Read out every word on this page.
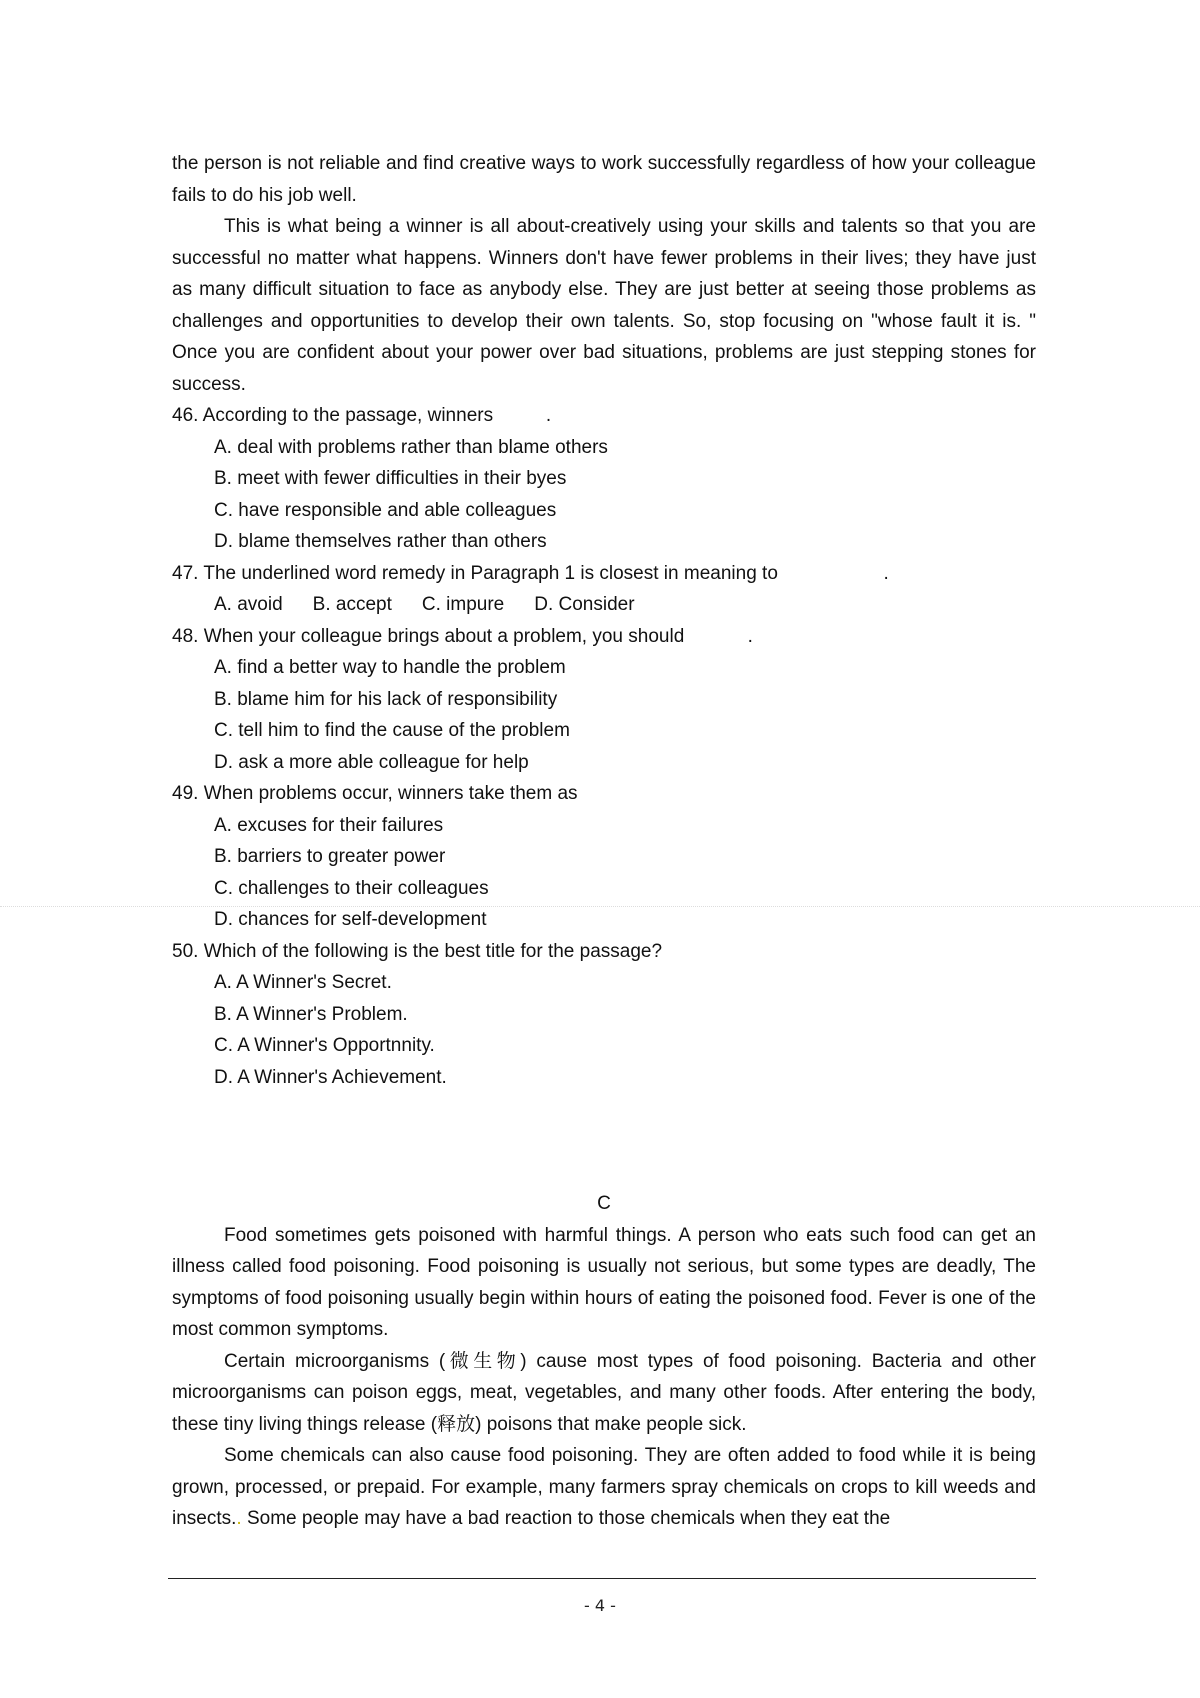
the person is not reliable and find creative ways to work successfully regardless of how your colleague fails to do his job well.

This is what being a winner is all about-creatively using your skills and talents so that you are successful no matter what happens. Winners don't have fewer problems in their lives; they have just as many difficult situation to face as anybody else. They are just better at seeing those problems as challenges and opportunities to develop their own talents. So, stop focusing on "whose fault it is. " Once you are confident about your power over bad situations, problems are just stepping stones for success.

46. According to the passage, winners          .

A. deal with problems rather than blame others

B. meet with fewer difficulties in their byes

C. have responsible and able colleagues

D. blame themselves rather than others

47. The underlined word remedy in Paragraph 1 is closest in meaning to                    .

A. avoid B. accept C. impure D. Consider

48. When your colleague brings about a problem, you should            .

A. find a better way to handle the problem

B. blame him for his lack of responsibility

C. tell him to find the cause of the problem

D. ask a more able colleague for help

49. When problems occur, winners take them as

A. excuses for their failures

B. barriers to greater power

C. challenges to their colleagues

D. chances for self-development

50. Which of the following is the best title for the passage?

A. A Winner's Secret.

B. A Winner's Problem.

C. A Winner's Opportnnity.

D. A Winner's Achievement.

C

Food sometimes gets poisoned with harmful things. A person who eats such food can get an illness called food poisoning. Food poisoning is usually not serious, but some types are deadly, The symptoms of food poisoning usually begin within hours of eating the poisoned food. Fever is one of the most common symptoms.

Certain microorganisms (微生物) cause most types of food poisoning. Bacteria and other microorganisms can poison eggs, meat, vegetables, and many other foods. After entering the body, these tiny living things release (释放) poisons that make people sick.

Some chemicals can also cause food poisoning. They are often added to food while it is being grown, processed, or prepaid. For example, many farmers spray chemicals on crops to kill weeds and insects.. Some people may have a bad reaction to those chemicals when they eat the

- 4 -
